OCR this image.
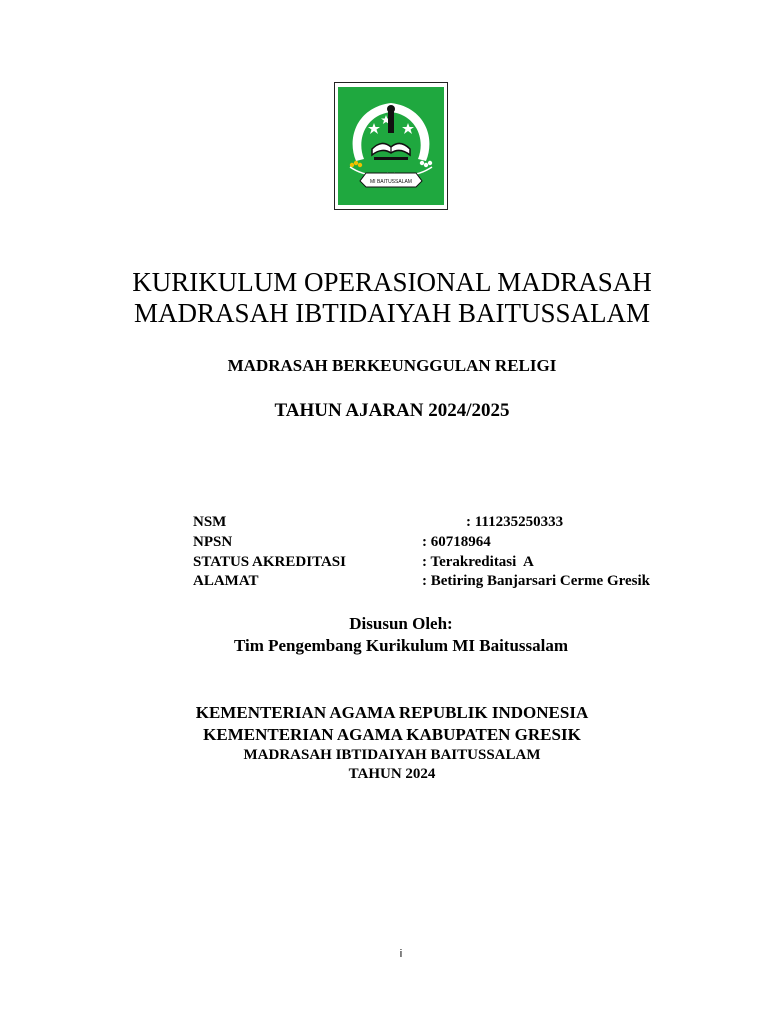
MI BAITUSSALAM
KURIKULUM OPERASIONAL MADRASAH
MADRASAH IBTIDAIYAH BAITUSSALAM
MADRASAH BERKEUNGGULAN RELIGI
TAHUN AJARAN 2024/2025
NSM	: 111235250333
NPSN	: 60718964
STATUS AKREDITASI	: Terakreditasi  A
ALAMAT	: Betiring Banjarsari Cerme Gresik
Disusun Oleh:
Tim Pengembang Kurikulum MI Baitussalam
KEMENTERIAN AGAMA REPUBLIK INDONESIA
KEMENTERIAN AGAMA KABUPATEN GRESIK
MADRASAH IBTIDAIYAH BAITUSSALAM
TAHUN 2024
i
